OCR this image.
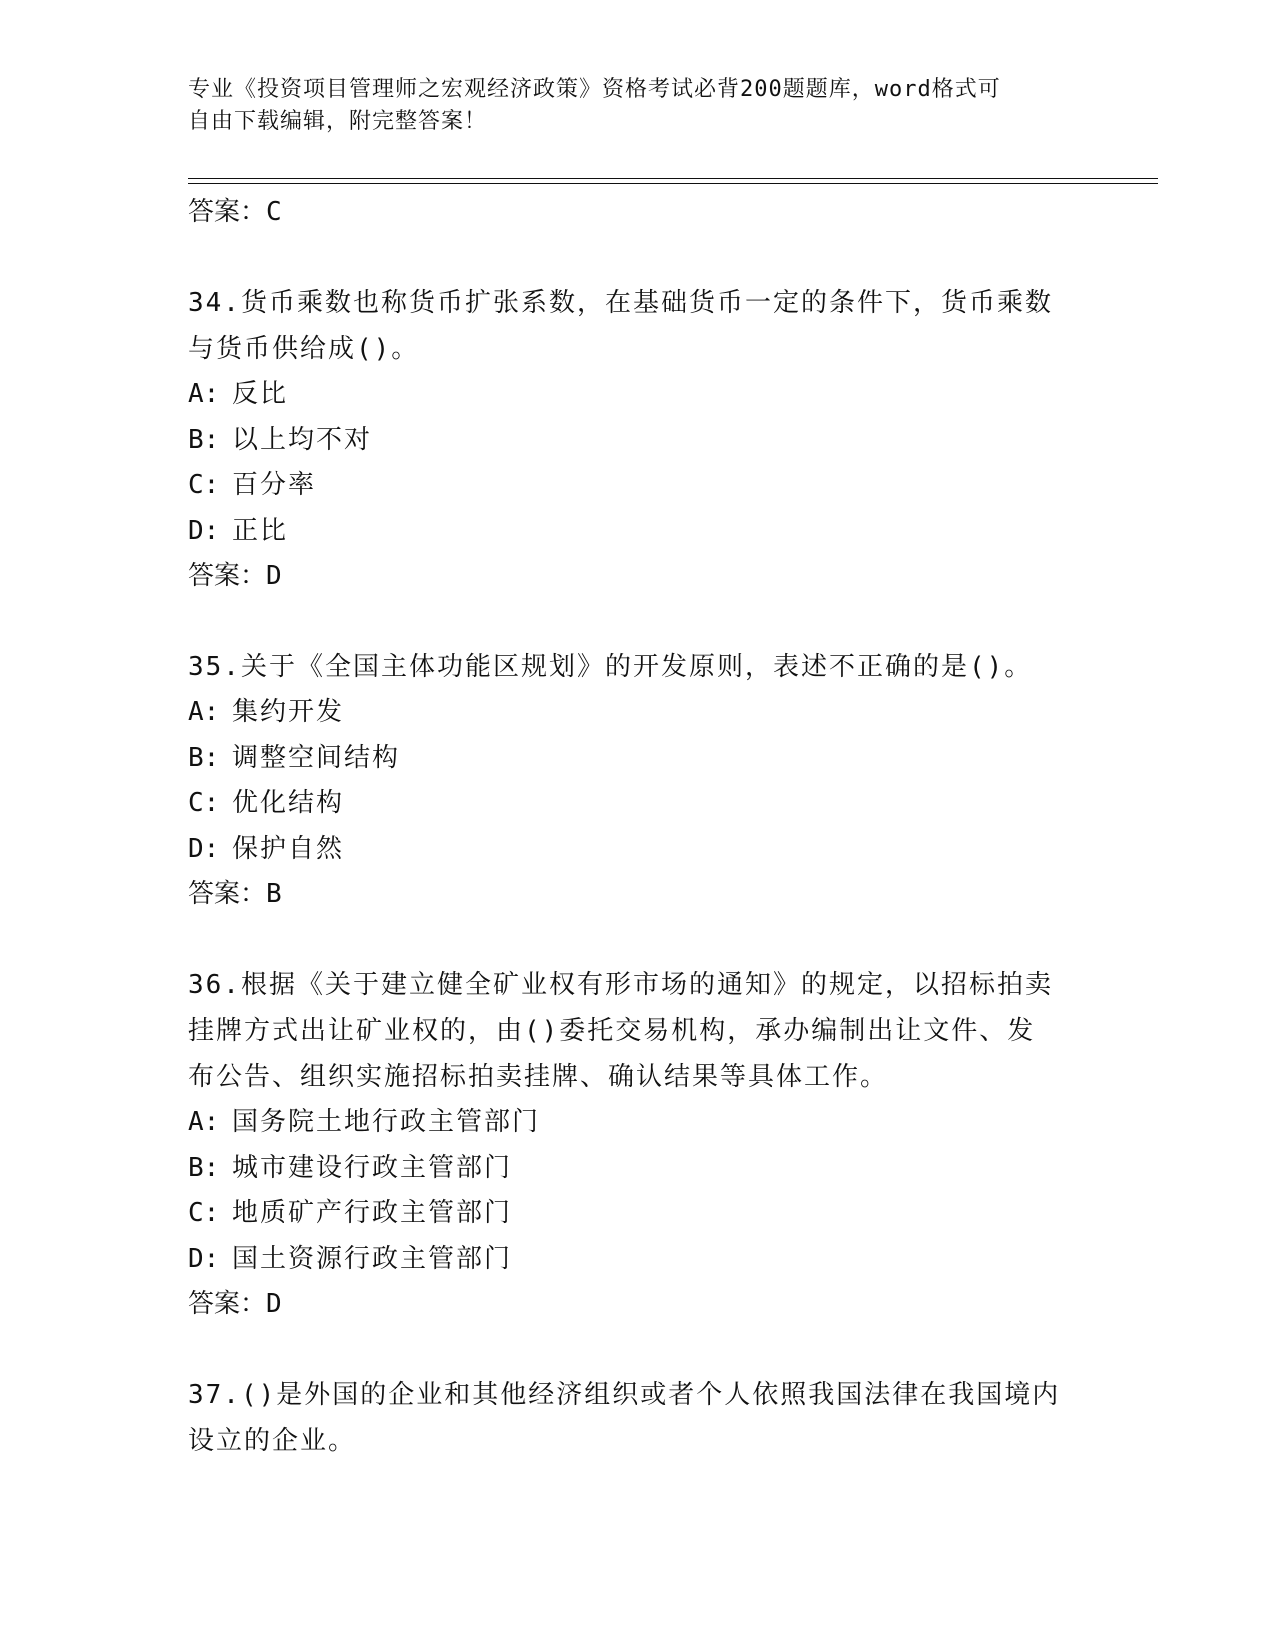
专业《投资项目管理师之宏观经济政策》资格考试必背200题题库，word格式可
自由下载编辑，附完整答案！
答案：C
34.货币乘数也称货币扩张系数，在基础货币一定的条件下，货币乘数
与货币供给成()。
A: 反比
B: 以上均不对
C: 百分率
D: 正比
答案：D
35.关于《全国主体功能区规划》的开发原则，表述不正确的是()。
A: 集约开发
B: 调整空间结构
C: 优化结构
D: 保护自然
答案：B
36.根据《关于建立健全矿业权有形市场的通知》的规定，以招标拍卖
挂牌方式出让矿业权的，由()委托交易机构，承办编制出让文件、发
布公告、组织实施招标拍卖挂牌、确认结果等具体工作。
A: 国务院土地行政主管部门
B: 城市建设行政主管部门
C: 地质矿产行政主管部门
D: 国土资源行政主管部门
答案：D
37.()是外国的企业和其他经济组织或者个人依照我国法律在我国境内
设立的企业。
